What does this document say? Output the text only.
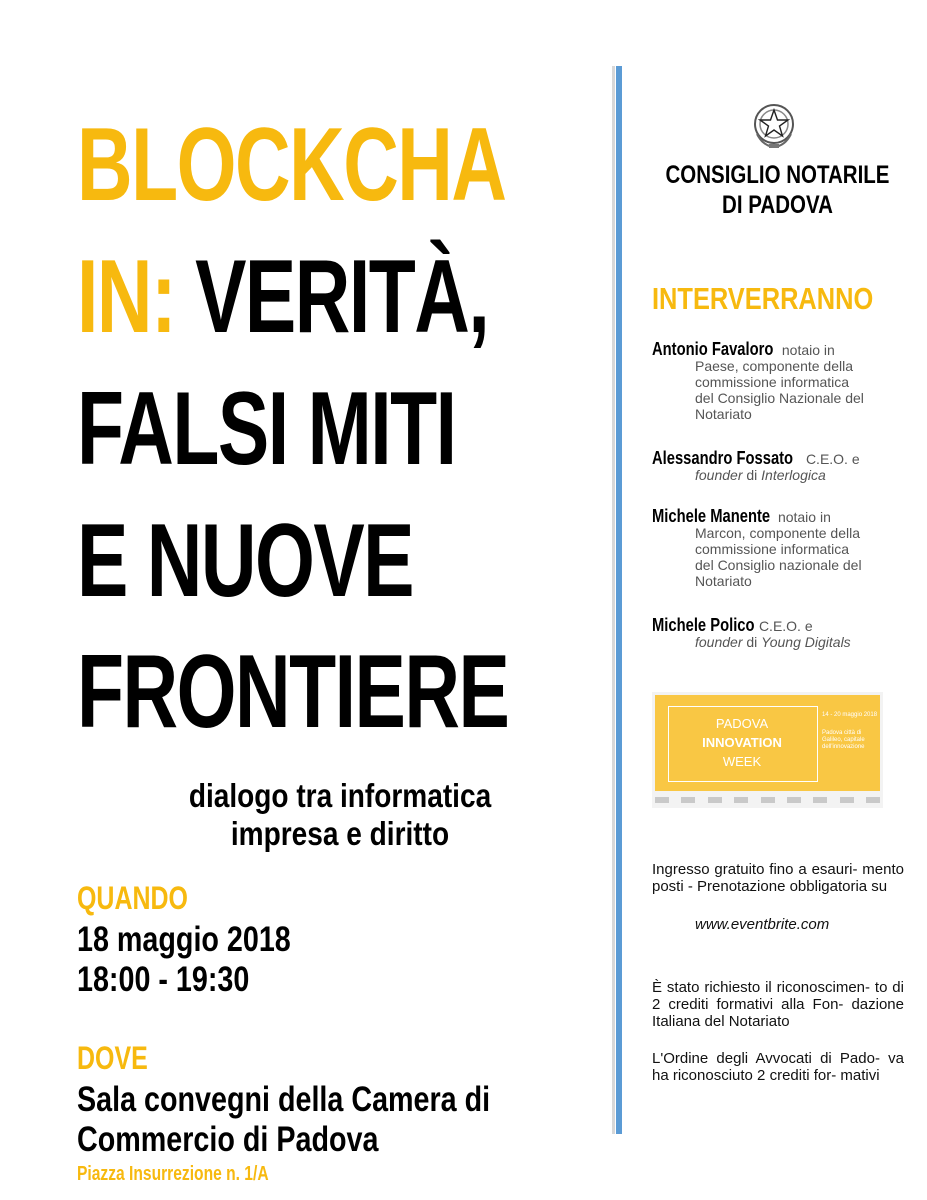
BLOCKCHA
IN: VERITÀ,
FALSI MITI
E NUOVE
FRONTIERE
dialogo tra informatica
impresa e diritto
QUANDO
18 maggio 2018
18:00 - 19:30
DOVE
Sala convegni della Camera di
Commercio di Padova
Piazza Insurrezione n. 1/A
CONSIGLIO NOTARILE
DI PADOVA
INTERVERRANNO
Antonio Favaloro notaio in
Paese, componente della
commissione informatica
del Consiglio Nazionale del
Notariato
Alessandro Fossato C.E.O. e
founder di Interlogica
Michele Manente notaio in
Marcon, componente della
commissione informatica
del Consiglio nazionale del
Notariato
Michele Polico C.E.O. e
founder di Young Digitals
PADOVA
INNOVATION
WEEK
14 - 20 maggio 2018
Padova città di Galileo, capitale dell'innovazione
Ingresso gratuito fino a esauri- mento posti - Prenotazione obbligatoria su
www.eventbrite.com
È stato richiesto il riconoscimen- to di 2 crediti formativi alla Fon- dazione Italiana del Notariato
L'Ordine degli Avvocati di Pado- va ha riconosciuto 2 crediti for- mativi
